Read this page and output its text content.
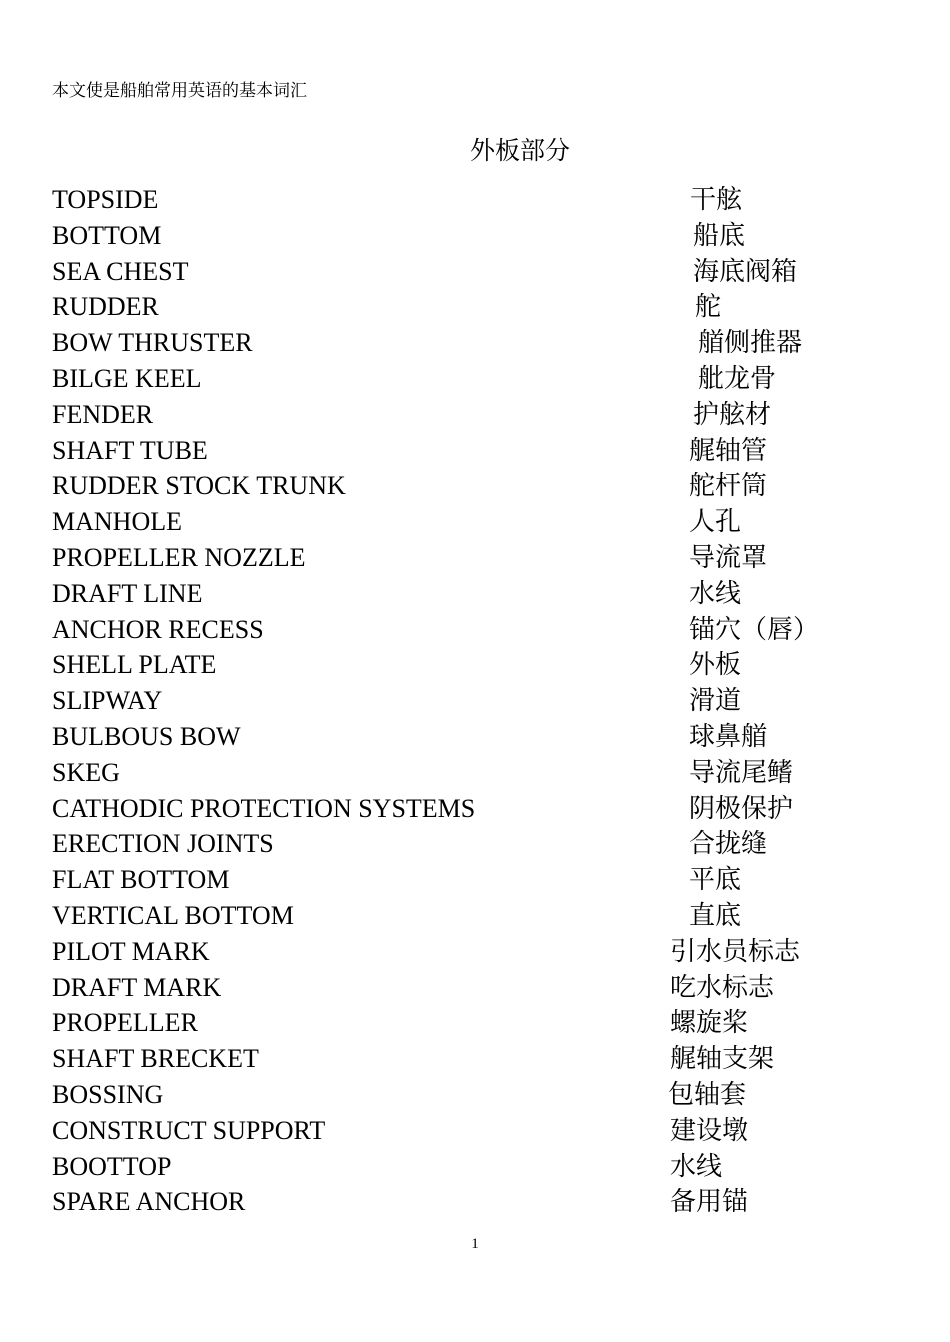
本文使是船舶常用英语的基本词汇
外板部分
TOPSIDE	干舷
BOTTOM	船底
SEA CHEST	海底阀箱
RUDDER	舵
BOW THRUSTER	艏侧推器
BILGE KEEL	舭龙骨
FENDER	护舷材
SHAFT TUBE	艉轴管
RUDDER STOCK TRUNK	舵杆筒
MANHOLE	人孔
PROPELLER NOZZLE	导流罩
DRAFT LINE	水线
ANCHOR RECESS	锚穴（唇）
SHELL PLATE	外板
SLIPWAY	滑道
BULBOUS BOW	球鼻艏
SKEG	导流尾鳍
CATHODIC PROTECTION SYSTEMS	阴极保护
ERECTION JOINTS	合拢缝
FLAT BOTTOM	平底
VERTICAL BOTTOM	直底
PILOT MARK	引水员标志
DRAFT MARK	吃水标志
PROPELLER	螺旋桨
SHAFT BRECKET	艉轴支架
BOSSING	包轴套
CONSTRUCT SUPPORT	建设墩
BOOTTOP	水线
SPARE ANCHOR	备用锚
1
